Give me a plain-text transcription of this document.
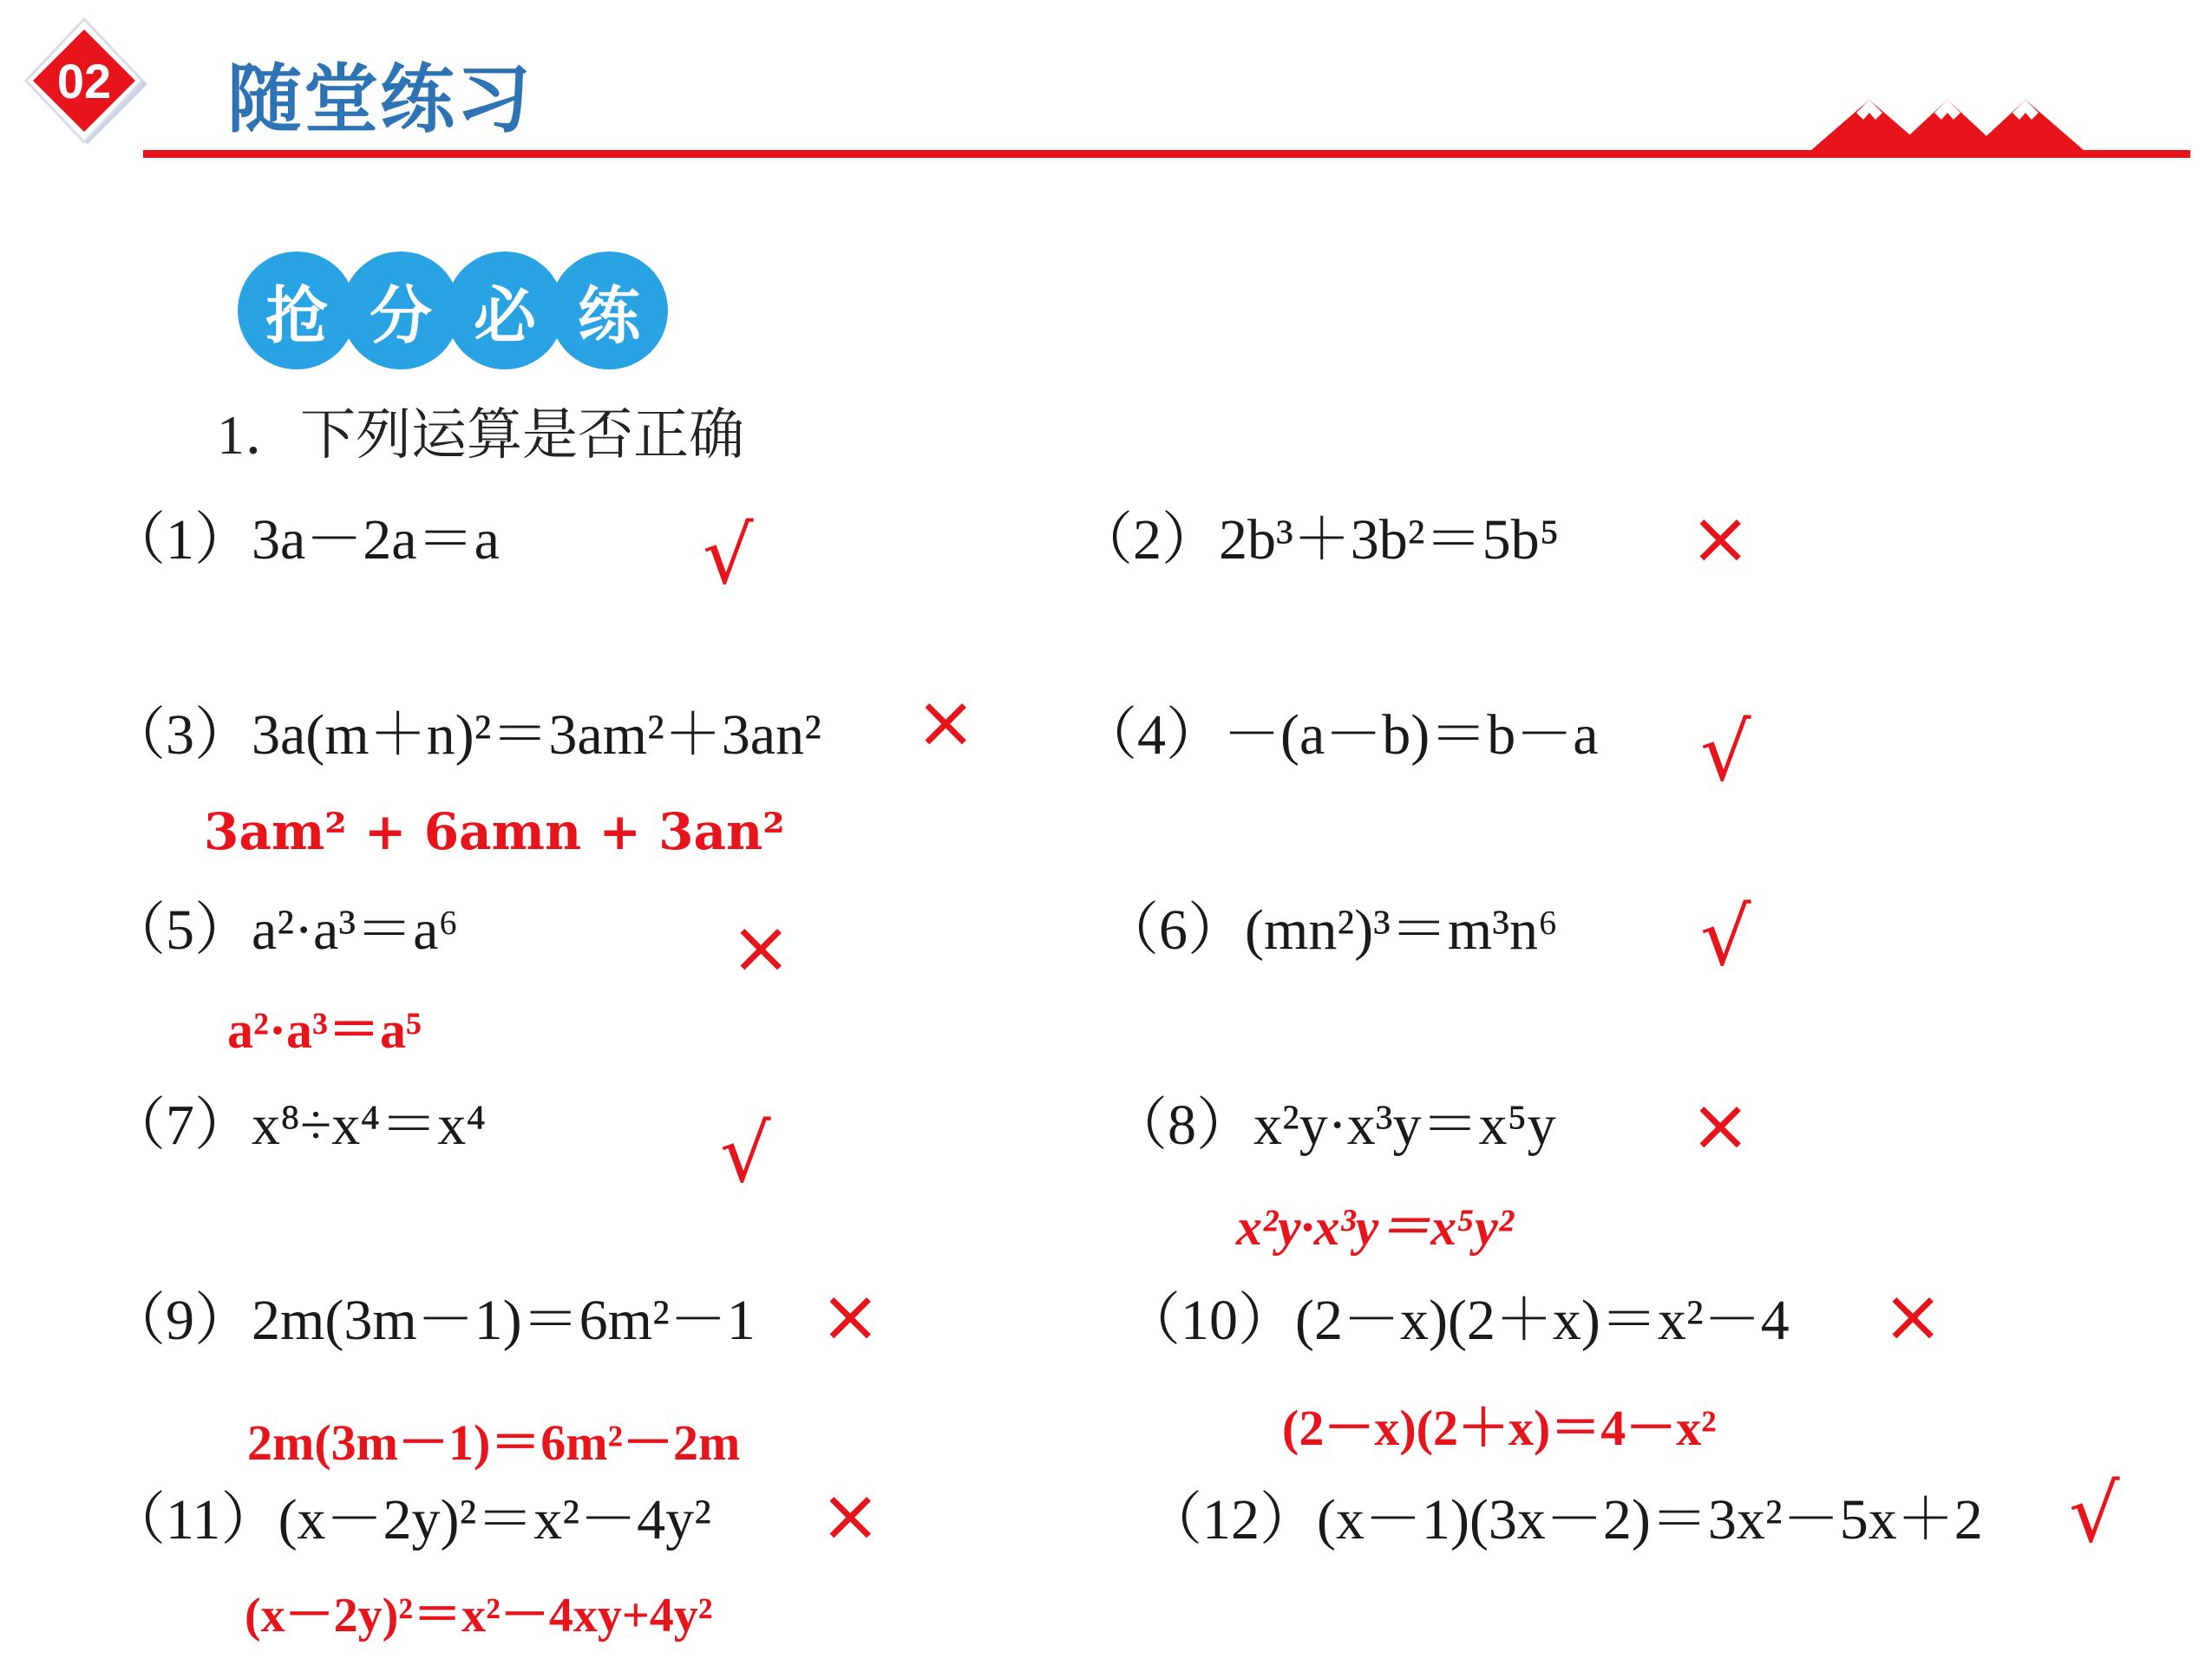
02	随堂练习
抢 分 必 练
1．下列运算是否正确
（1）3a－2a＝a	√	（2）2b³＋3b²＝5b⁵ ×
（3）3a(m＋n)²＝3am²＋3an² ×
3am² + 6amn + 3an²
（4）－(a－b)＝b－a √
（5）a²·a³＝a⁶	×
a²·a³＝a⁵
（6）(mn²)³＝m³n⁶ √
（7）x⁸÷x⁴＝x⁴	√	（8）x²y·x³y＝x⁵y ×
x²y·x³y＝x⁵y²
（9）2m(3m－1)＝6m²－1 ×
2m(3m－1)＝6m²－2m
（10）(2－x)(2＋x)＝x²－4 ×
(2－x)(2＋x)＝4－x²
（11）(x－2y)²＝x²－4y² ×
(x－2y)²＝x²－4xy+4y²
（12）(x－1)(3x－2)＝3x²－5x＋2 √
